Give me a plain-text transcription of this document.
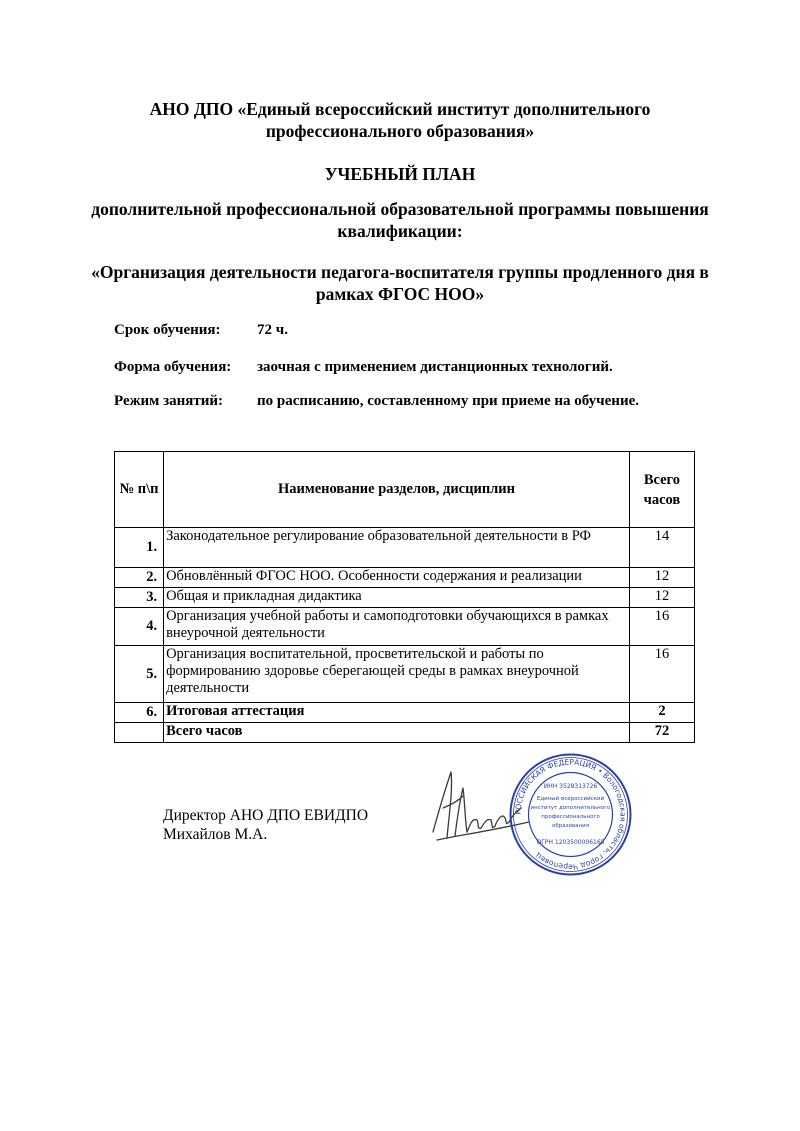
АНО ДПО «Единый всероссийский институт дополнительного профессионального образования»
УЧЕБНЫЙ ПЛАН
дополнительной профессиональной образовательной программы повышения квалификации:
«Организация деятельности педагога-воспитателя группы продленного дня в рамках ФГОС НОО»
Срок обучения: 72 ч.
Форма обучения: заочная с применением дистанционных технологий.
Режим занятий: по расписанию, составленному при приеме на обучение.
№ п\п	Наименование разделов, дисциплин	Всего часов
1.	Законодательное регулирование образовательной деятельности в РФ	14
2.	Обновлённый ФГОС НОО. Особенности содержания и реализации	12
3.	Общая и прикладная дидактика	12
4.	Организация учебной работы и самоподготовки обучающихся в рамках внеурочной деятельности	16
5.	Организация воспитательной, просветительской и работы по формированию здоровье сберегающей среды в рамках внеурочной деятельности	16
6.	Итоговая аттестация	2
	Всего часов	72
Директор АНО ДПО ЕВИДПО
Михайлов М.А.
РОССИЙСКАЯ ФЕДЕРАЦИЯ • Вологодская область, город Череповец
ИНН 3528313726
Единый всероссийский
институт дополнительного
профессионального
образования
ОГРН 1203500006165
